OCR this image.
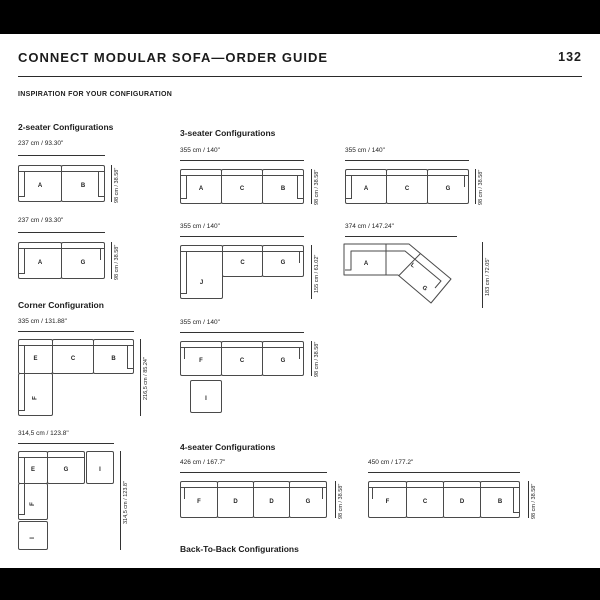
CONNECT MODULAR SOFA—ORDER GUIDE	132
INSPIRATION FOR YOUR CONFIGURATION
2-seater Configurations
237 cm / 93.30"
A	B	98 cm / 38.58"
237 cm / 93.30"
A	G	98 cm / 38.58"
Corner Configuration
335 cm / 131.88"
E	C	B
F	216,5 cm / 85.24"
314,5 cm / 123.8"
E	G	I
F
I
314,5 cm / 123.8"
3-seater Configurations
355 cm / 140"
A	C	B	98 cm / 38.58"
355 cm / 140"
J
C	G	155 cm / 61.02"
355 cm / 140"
F	C	G	98 cm / 38.58"
I
4-seater Configurations
426 cm / 167.7"
F	D	D	G	98 cm / 38.58"
Back-To-Back Configurations
355 cm / 140"
A	C	G	98 cm / 38.58"
374 cm / 147.24"
A	L
G	183 cm / 72.05"
450 cm / 177.2"
F	C	D	B	98 cm / 38.58"
